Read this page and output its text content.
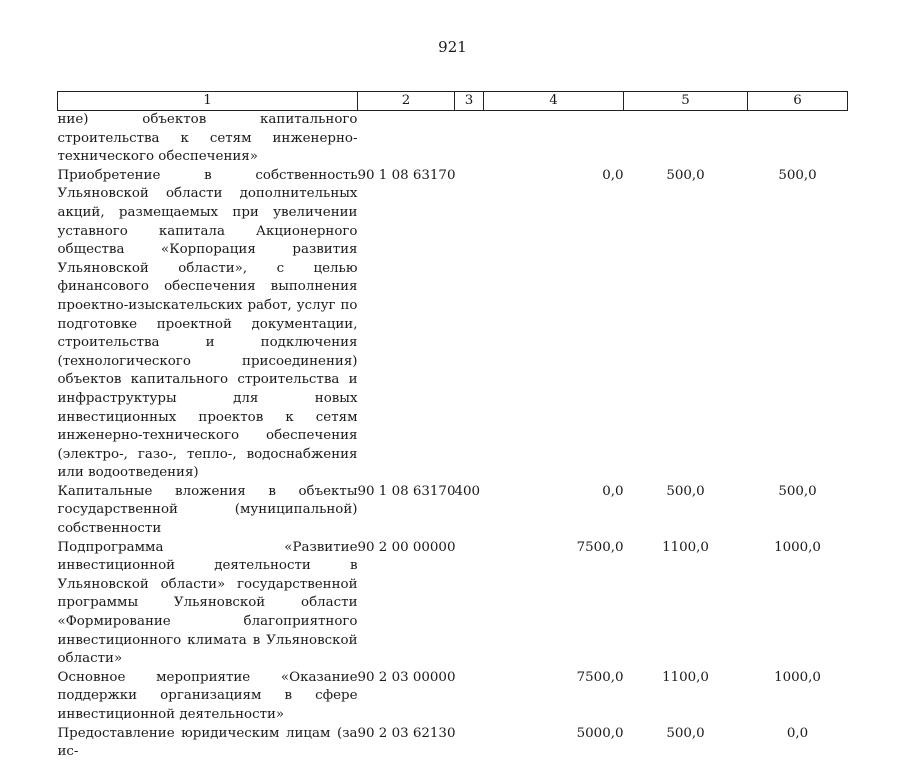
921
1	2	3	4	5	6
ние) объектов капитального строительства к сетям инженерно-технического обеспечения»					
Приобретение в собственность Ульяновской области дополнительных акций, размещаемых при увеличении уставного капитала Акционерного общества «Корпорация развития Ульяновской области», с целью финансового обеспечения выполнения проектно-изыскательских работ, услуг по подготовке проектной документации, строительства и подключения (технологического присоединения) объектов капитального строительства и инфраструктуры для новых инвестиционных проектов к сетям инженерно-технического обеспечения (электро-, газо-, тепло-, водоснабжения или водоотведения)	90 1 08 63170		0,0	500,0	500,0
Капитальные вложения в объекты государственной (муниципальной) собственности	90 1 08 63170	400	0,0	500,0	500,0
Подпрограмма «Развитие инвестиционной деятельности в Ульяновской области» государственной программы Ульяновской области «Формирование благоприятного инвестиционного климата в Ульяновской области»	90 2 00 00000		7500,0	1100,0	1000,0
Основное мероприятие «Оказание поддержки организациям в сфере инвестиционной деятельности»	90 2 03 00000		7500,0	1100,0	1000,0
Предоставление юридическим лицам (за ис-	90 2 03 62130		5000,0	500,0	0,0
